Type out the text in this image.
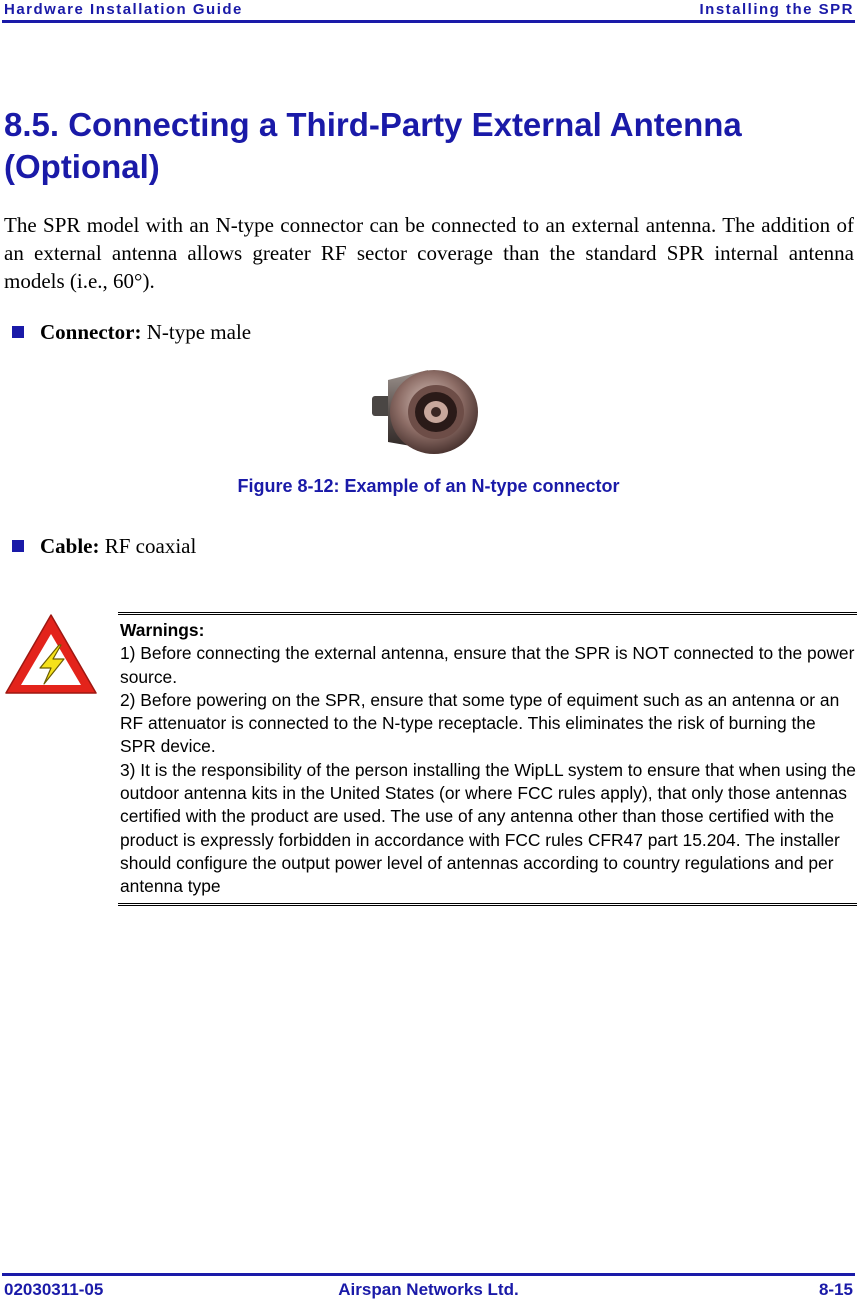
Hardware Installation Guide	Installing the SPR
8.5. Connecting a Third-Party External Antenna (Optional)

The SPR model with an N-type connector can be connected to an external antenna. The addition of an external antenna allows greater RF sector coverage than the standard SPR internal antenna models (i.e., 60°).

Connector: N-type male
Figure 8-12: Example of an N-type connector
Cable: RF coaxial
Warnings:
1) Before connecting the external antenna, ensure that the SPR is NOT connected to the power source.
2) Before powering on the SPR, ensure that some type of equiment such as an antenna or an RF attenuator is connected to the N-type receptacle. This eliminates the risk of burning the SPR device.
3) It is the responsibility of the person installing the WipLL system to ensure that when using the outdoor antenna kits in the United States (or where FCC rules apply), that only those antennas certified with the product are used. The use of any antenna other than those certified with the product is expressly forbidden in accordance with FCC rules CFR47 part 15.204. The installer should configure the output power level of antennas according to country regulations and per antenna type
02030311-05	Airspan Networks Ltd.	8-15
